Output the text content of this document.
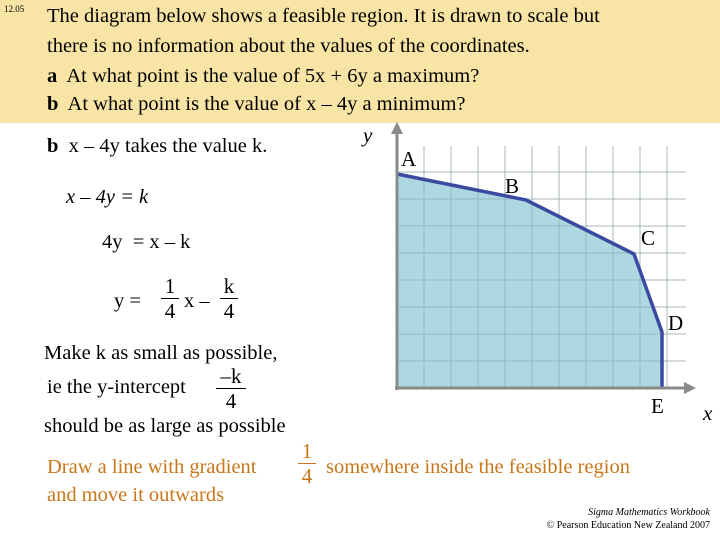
12.05 The diagram below shows a feasible region. It is drawn to scale but
there is no information about the values of the coordinates.
a At what point is the value of 5x + 6y a maximum?
b At what point is the value of x – 4y a minimum?
b x – 4y takes the value k.
x – 4y = k
4y = x – k
y =
1
4 x –
k
4
Make k as small as possible,
ie the y-intercept –k
4
should be as large as possible
Draw a line with gradient
1
4 somewhere inside the feasible region
and move it outwards
y
x
A
B
C
D
E
Sigma Mathematics Workbook
© Pearson Education New Zealand 2007
